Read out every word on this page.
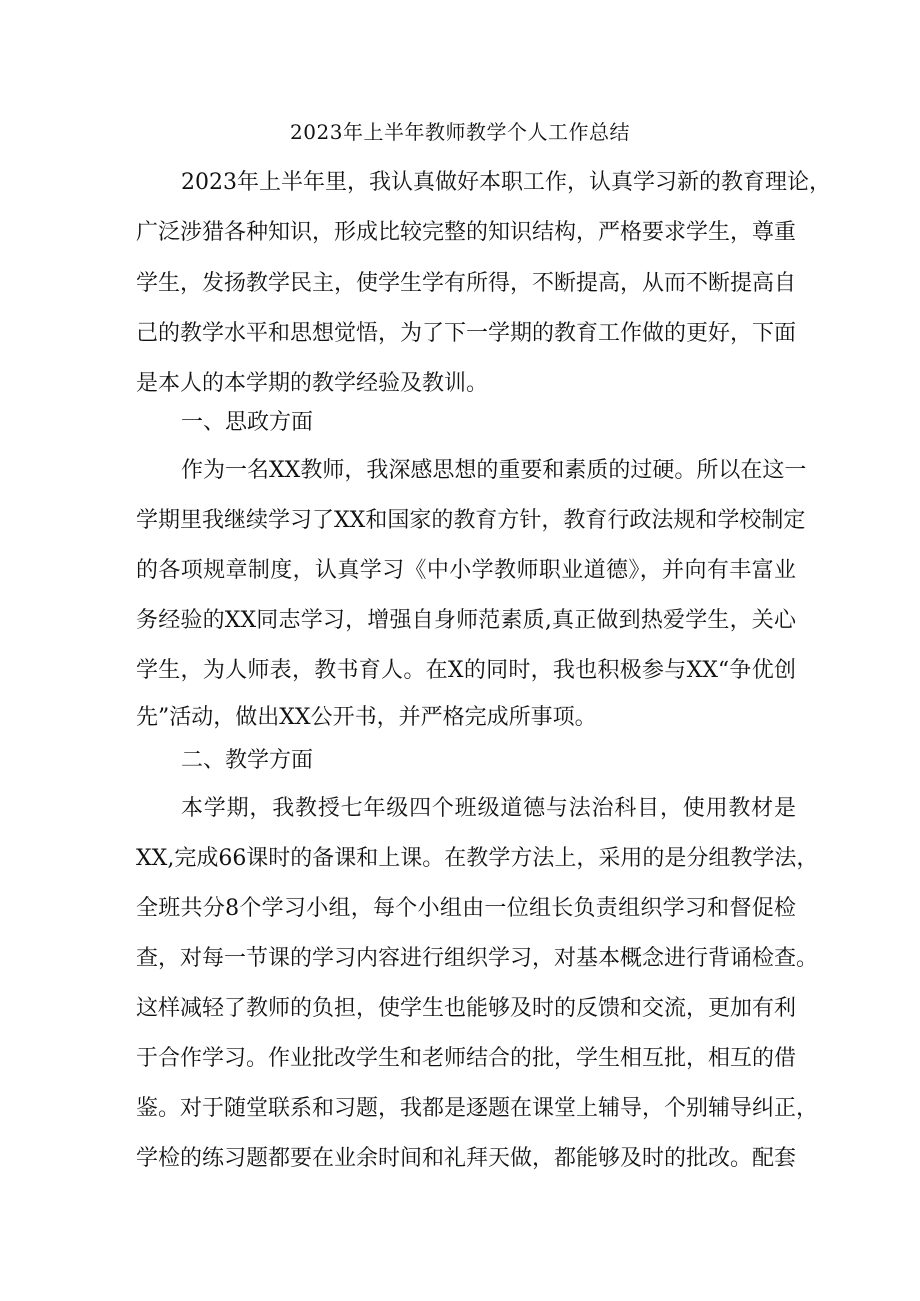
2023年上半年教师教学个人工作总结
2023年上半年里，我认真做好本职工作，认真学习新的教育理论，
广泛涉猎各种知识，形成比较完整的知识结构，严格要求学生，尊重
学生，发扬教学民主，使学生学有所得，不断提高，从而不断提高自
己的教学水平和思想觉悟，为了下一学期的教育工作做的更好，下面
是本人的本学期的教学经验及教训。
一、思政方面
作为一名XX教师，我深感思想的重要和素质的过硬。所以在这一
学期里我继续学习了XX和国家的教育方针，教育行政法规和学校制定
的各项规章制度，认真学习《中小学教师职业道德》，并向有丰富业
务经验的XX同志学习，增强自身师范素质,真正做到热爱学生，关心
学生，为人师表，教书育人。在X的同时，我也积极参与XX“争优创
先”活动，做出XX公开书，并严格完成所事项。
二、教学方面
本学期，我教授七年级四个班级道德与法治科目，使用教材是
XX,完成66课时的备课和上课。在教学方法上，采用的是分组教学法，
全班共分8个学习小组，每个小组由一位组长负责组织学习和督促检
查，对每一节课的学习内容进行组织学习，对基本概念进行背诵检查。
这样减轻了教师的负担，使学生也能够及时的反馈和交流，更加有利
于合作学习。作业批改学生和老师结合的批，学生相互批，相互的借
鉴。对于随堂联系和习题，我都是逐题在课堂上辅导，个别辅导纠正，
学检的练习题都要在业余时间和礼拜天做，都能够及时的批改。配套
